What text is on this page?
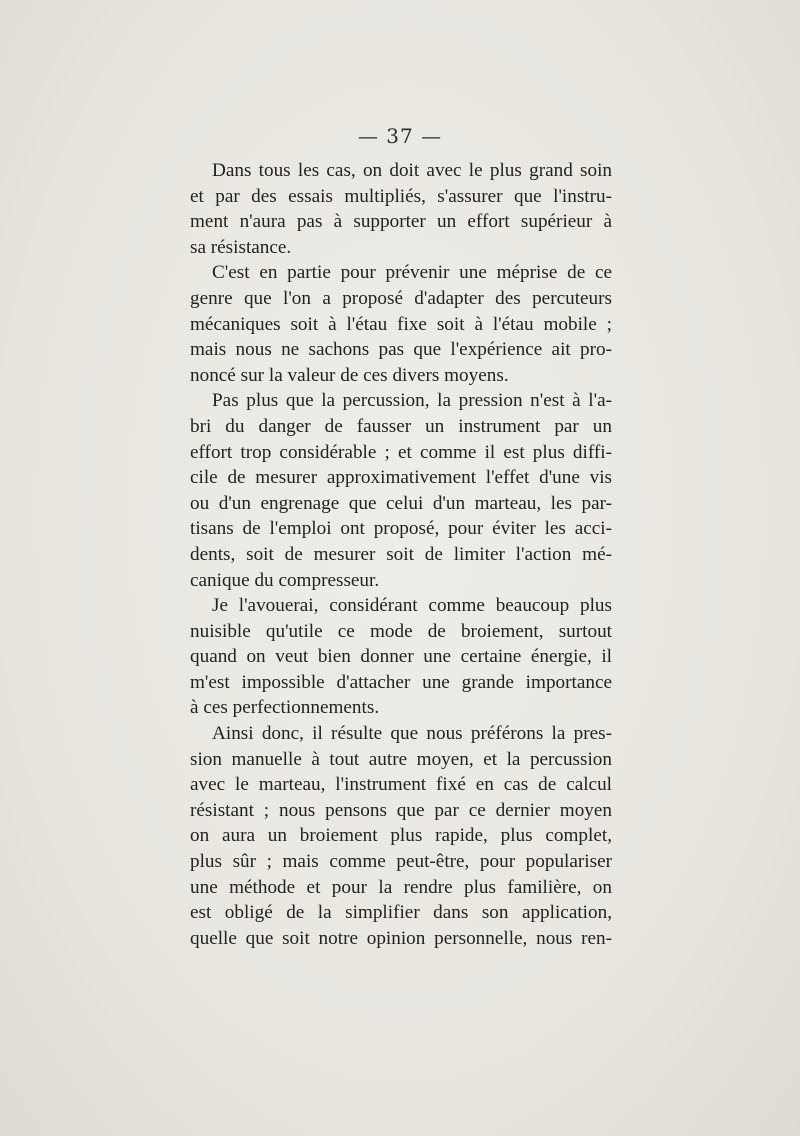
— 37 —
Dans tous les cas, on doit avec le plus grand soin
et par des essais multipliés, s'assurer que l'instru-
ment n'aura pas à supporter un effort supérieur à
sa résistance.
C'est en partie pour prévenir une méprise de ce
genre que l'on a proposé d'adapter des percuteurs
mécaniques soit à l'étau fixe soit à l'étau mobile ;
mais nous ne sachons pas que l'expérience ait pro-
noncé sur la valeur de ces divers moyens.
Pas plus que la percussion, la pression n'est à l'a-
bri du danger de fausser un instrument par un
effort trop considérable ; et comme il est plus diffi-
cile de mesurer approximativement l'effet d'une vis
ou d'un engrenage que celui d'un marteau, les par-
tisans de l'emploi ont proposé, pour éviter les acci-
dents, soit de mesurer soit de limiter l'action mé-
canique du compresseur.
Je l'avouerai, considérant comme beaucoup plus
nuisible qu'utile ce mode de broiement, surtout
quand on veut bien donner une certaine énergie, il
m'est impossible d'attacher une grande importance
à ces perfectionnements.
Ainsi donc, il résulte que nous préférons la pres-
sion manuelle à tout autre moyen, et la percussion
avec le marteau, l'instrument fixé en cas de calcul
résistant ; nous pensons que par ce dernier moyen
on aura un broiement plus rapide, plus complet,
plus sûr ; mais comme peut-être, pour populariser
une méthode et pour la rendre plus familière, on
est obligé de la simplifier dans son application,
quelle que soit notre opinion personnelle, nous ren-
